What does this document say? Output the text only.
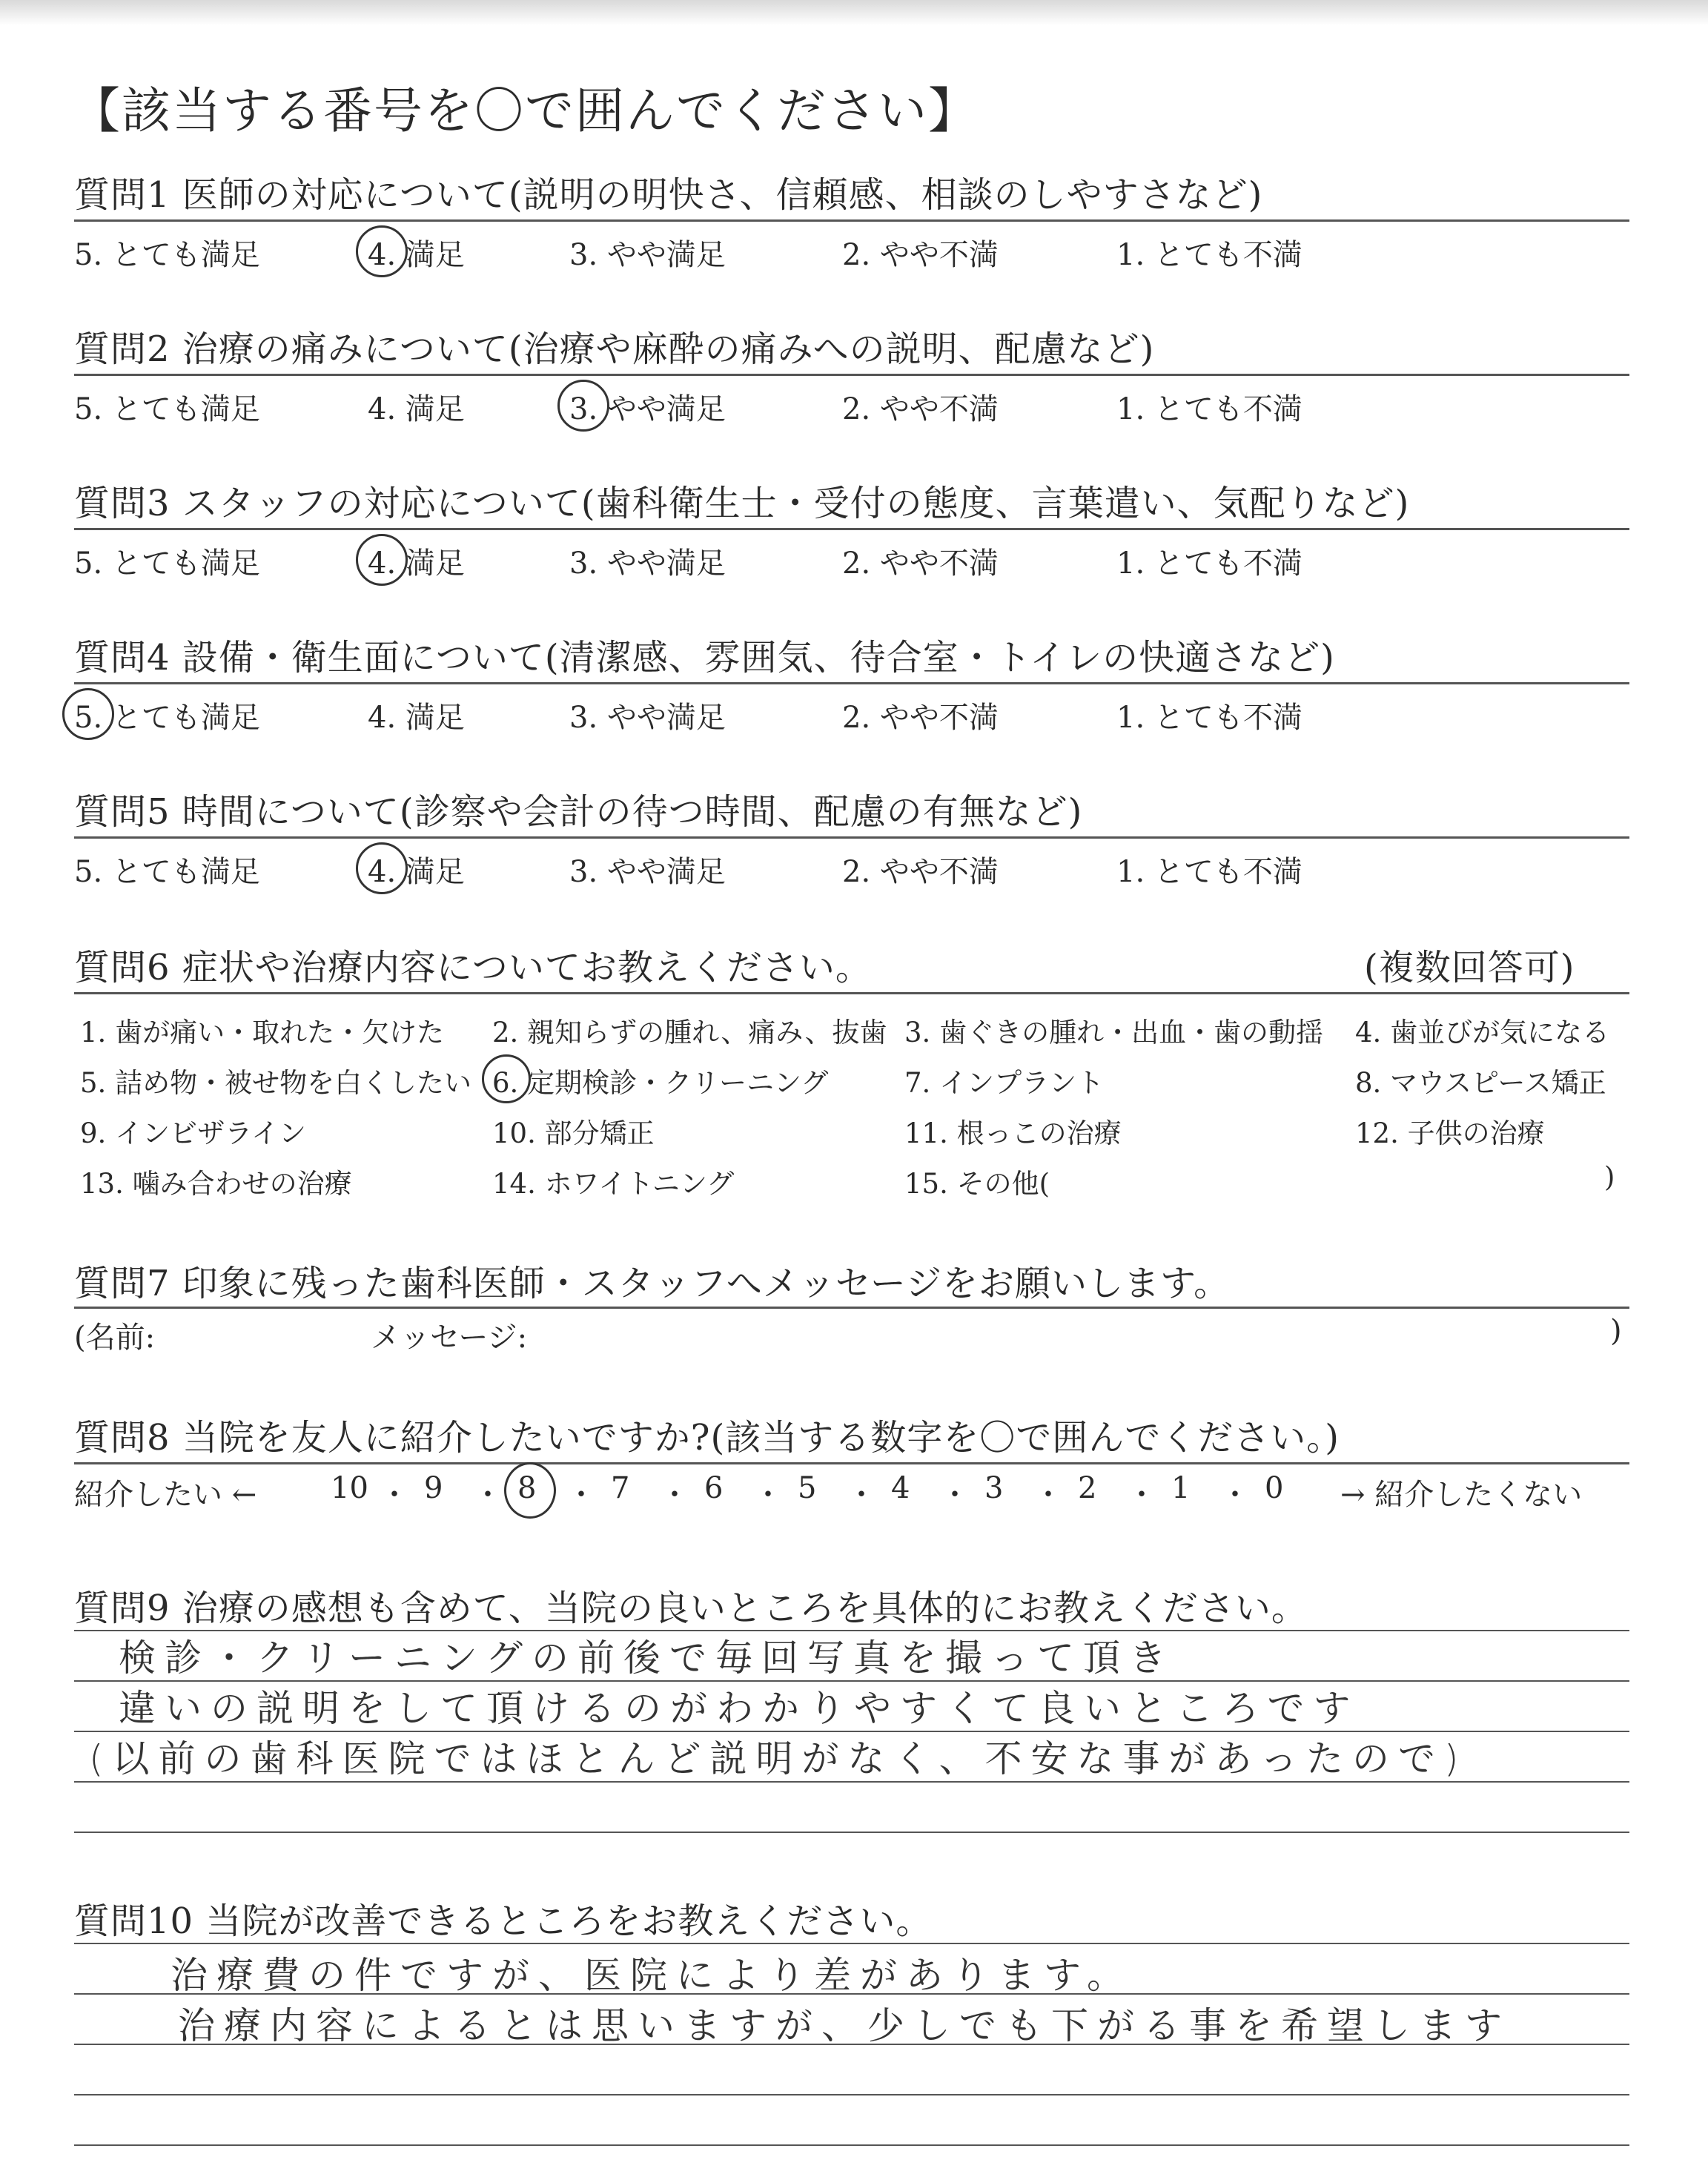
【該当する番号を〇で囲んでください】
質問1 医師の対応について(説明の明快さ、信頼感、相談のしやすさなど)
5. とても満足	4. 満足	3. やや満足	2. やや不満	1. とても不満
質問2 治療の痛みについて(治療や麻酔の痛みへの説明、配慮など)
5. とても満足	4. 満足	3. やや満足	2. やや不満	1. とても不満
質問3 スタッフの対応について(歯科衛生士・受付の態度、言葉遣い、気配りなど)
5. とても満足	4. 満足	3. やや満足	2. やや不満	1. とても不満
質問4 設備・衛生面について(清潔感、雰囲気、待合室・トイレの快適さなど)
5. とても満足	4. 満足	3. やや満足	2. やや不満	1. とても不満
質問5 時間について(診察や会計の待つ時間、配慮の有無など)
5. とても満足	4. 満足	3. やや満足	2. やや不満	1. とても不満
質問6 症状や治療内容についてお教えください。	(複数回答可)
1. 歯が痛い・取れた・欠けた 2. 親知らずの腫れ、痛み、抜歯 3. 歯ぐきの腫れ・出血・歯の動揺 4. 歯並びが気になる
5. 詰め物・被せ物を白くしたい 6. 定期検診・クリーニング	7. インプラント	8. マウスピース矯正
9. インビザライン	10. 部分矯正	11. 根っこの治療	12. 子供の治療
13. 噛み合わせの治療	14. ホワイトニング	15. その他(	)
質問7 印象に残った歯科医師・スタッフへメッセージをお願いします。
(名前:	メッセージ:	)
質問8 当院を友人に紹介したいですか?(該当する数字を〇で囲んでください。)
紹介したい ←	→ 紹介したくない
10 ・ 9 ・ 8 ・ 7 ・ 6 ・ 5 ・ 4 ・ 3 ・ 2 ・ 1 ・ 0
質問9 治療の感想も含めて、当院の良いところを具体的にお教えください。
検診・クリーニングの前後で毎回写真を撮って頂き
違いの説明をして頂けるのがわかりやすくて良いところです
(以前の歯科医院ではほとんど説明がなく、不安な事があったので)
質問10 当院が改善できるところをお教えください。
治療費の件ですが、医院により差があります。
治療内容によるとは思いますが、少しでも下がる事を希望します
